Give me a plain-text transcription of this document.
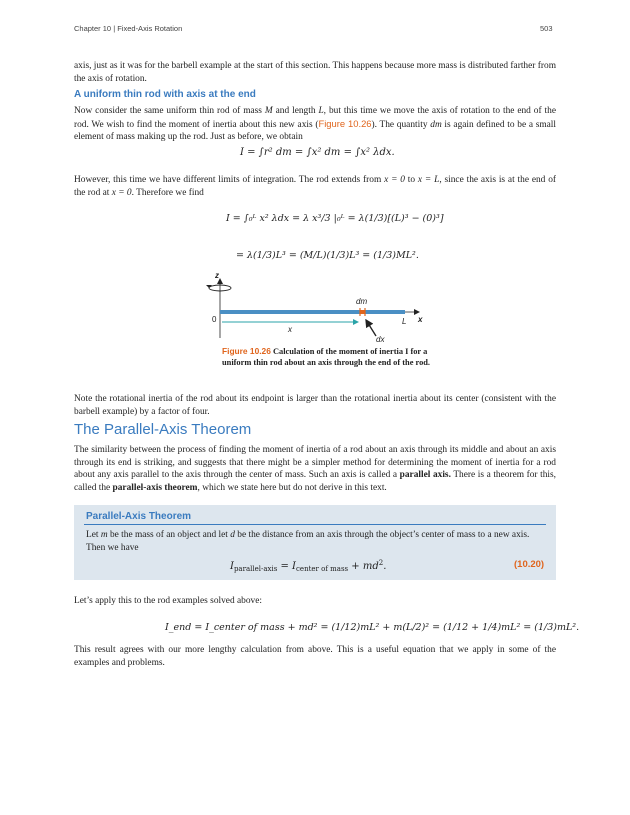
Chapter 10 | Fixed-Axis Rotation	503

axis, just as it was for the barbell example at the start of this section. This happens because more mass is distributed farther from the axis of rotation.

A uniform thin rod with axis at the end

Now consider the same uniform thin rod of mass M and length L, but this time we move the axis of rotation to the end of the rod. We wish to find the moment of inertia about this new axis (Figure 10.26). The quantity dm is again defined to be a small element of mass making up the rod. Just as before, we obtain

I = ∫r² dm = ∫x² dm = ∫x² λdx.

However, this time we have different limits of integration. The rod extends from x = 0 to x = L, since the axis is at the end of the rod at x = 0. Therefore we find

I = ∫₀ᴸ x² λdx = λ x³/3 |₀ᴸ = λ(1/3)[(L)³ − (0)³]
= λ(1/3)L³ = (M/L)(1/3)L³ = (1/3)ML².
z
0
dm
L x
x
dx
Figure 10.26 Calculation of the moment of inertia I for a uniform thin rod about an axis through the end of the rod.

Note the rotational inertia of the rod about its endpoint is larger than the rotational inertia about its center (consistent with the barbell example) by a factor of four.

The Parallel-Axis Theorem

The similarity between the process of finding the moment of inertia of a rod about an axis through its middle and about an axis through its end is striking, and suggests that there might be a simpler method for determining the moment of inertia for a rod about any axis parallel to the axis through the center of mass. Such an axis is called a parallel axis. There is a theorem for this, called the parallel-axis theorem, which we state here but do not derive in this text.

Parallel-Axis Theorem
Let m be the mass of an object and let d be the distance from an axis through the object’s center of mass to a new axis. Then we have
$I_{parallel-axis} = I_{center of mass} + md^2$.	(10.20)

Let’s apply this to the rod examples solved above:

I_end = I_center of mass + md² = (1/12)mL² + m(L/2)² = (1/12 + 1/4)mL² = (1/3)mL².

This result agrees with our more lengthy calculation from above. This is a useful equation that we apply in some of the examples and problems.
